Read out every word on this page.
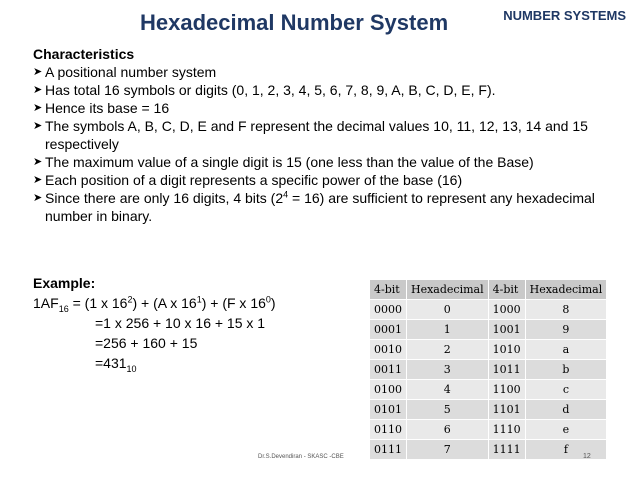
Hexadecimal Number System	NUMBER SYSTEMS
Characteristics
➤ A positional number system
➤ Has total 16 symbols or digits (0, 1, 2, 3, 4, 5, 6, 7, 8, 9, A, B, C, D, E, F).
➤ Hence its base = 16
➤ The symbols A, B, C, D, E and F represent the decimal values 10, 11, 12, 13, 14 and 15 respectively
➤ The maximum value of a single digit is 15 (one less than the value of the Base)
➤ Each position of a digit represents a specific power of the base (16)
➤ Since there are only 16 digits, 4 bits $(2^4 = 16)$ are sufficient to represent any hexadecimal number in binary.
Example:
$1AF_{16} = (1$ x $16^2) + (A$ x $16^1) + (F$ x $16^0$)
=1 x 256 + 10 x 16 + 15 x 1
=256 + 160 + 15
$=431_{10}$
4-bit	Hexadecimal	4-bit	Hexadecimal
0000	0	1000	8
0001	1	1001	9
0010	2	1010	a
0011	3	1011	b
0100	4	1100	c
0101	5	1101	d
0110	6	1110	e
0111	7	1111	f
Dr.S.Devendiran - SKASC -CBE	12
